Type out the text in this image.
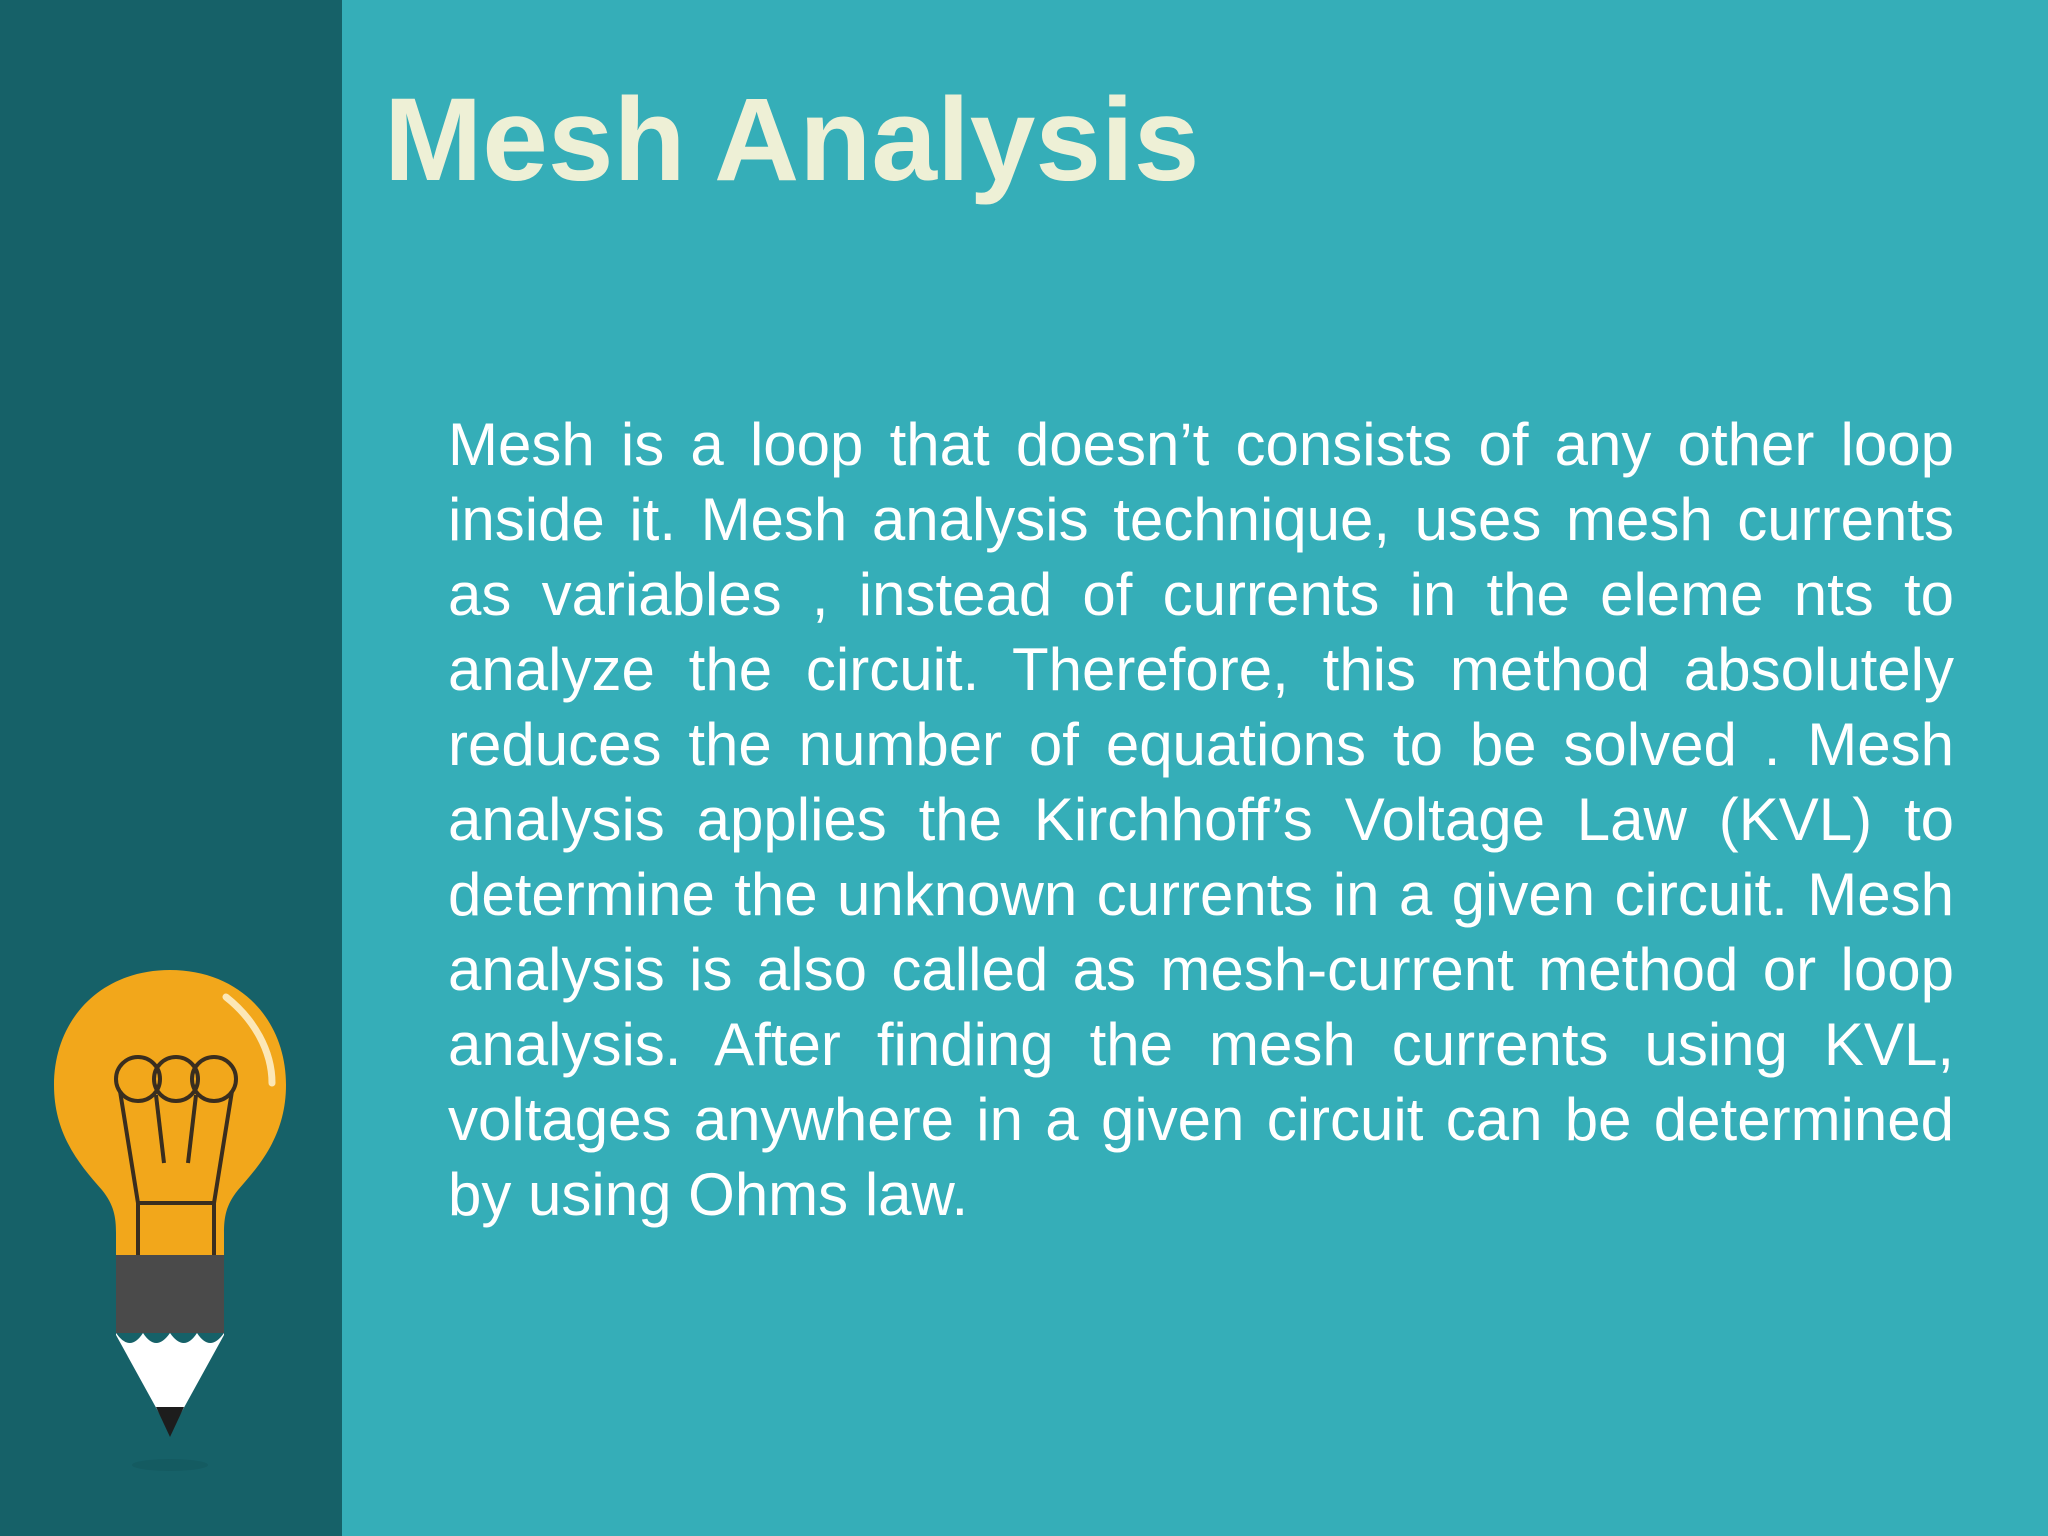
Mesh Analysis

Mesh is a loop that doesn’t consists of any other loop inside it. Mesh analysis technique, uses mesh currents as variables , instead of currents in the eleme nts to analyze the circuit. Therefore, this method absolutely reduces the number of equations to be solved . Mesh analysis applies the Kirchhoff’s Voltage Law (KVL) to determine the unknown currents in a given circuit. Mesh analysis is also called as mesh-current method or loop analysis. After finding the mesh currents using KVL, voltages anywhere in a given circuit can be determined by using Ohms law.
